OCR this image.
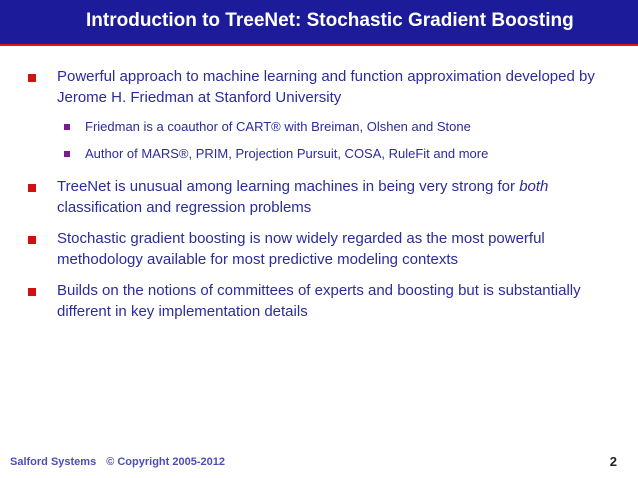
Introduction to TreeNet: Stochastic Gradient Boosting
Powerful approach to machine learning and function approximation developed by Jerome H. Friedman at Stanford University
Friedman is a coauthor of CART® with Breiman, Olshen and Stone
Author of MARS®, PRIM, Projection Pursuit, COSA, RuleFit and more
TreeNet is unusual among learning machines in being very strong for both classification and regression problems
Stochastic gradient boosting is now widely regarded as the most powerful methodology available for most predictive modeling contexts
Builds on the notions of committees of experts and boosting but is substantially different in key implementation details
Salford Systems © Copyright 2005-2012	2
